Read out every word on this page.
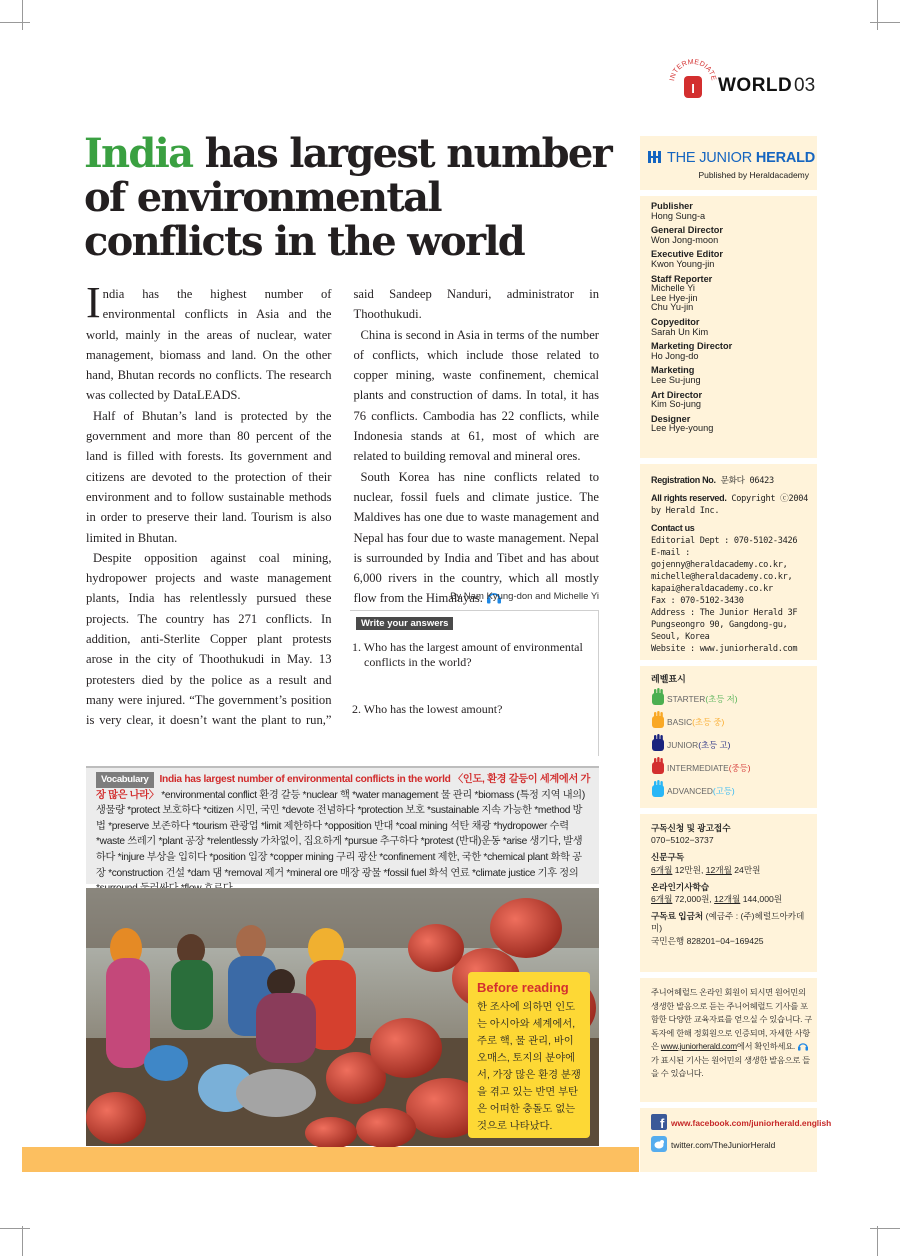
INTERMEDIATE
I WORLD 03
India has largest number of environmental conflicts in the world

India has the highest number of environmental conflicts in Asia and the world, mainly in the areas of nuclear, water management, biomass and land. On the other hand, Bhutan records no conflicts. The research was collected by DataLEADS.

Half of Bhutan’s land is protected by the government and more than 80 percent of the land is filled with forests. Its government and citizens are devoted to the protection of their environment and to follow sustainable methods in order to preserve their land. Tourism is also limited in Bhutan.

Despite opposition against coal mining, hydropower projects and waste management plants, India has relentlessly pursued these projects. The country has 271 conflicts. In addition, anti-Sterlite Copper plant protests arose in the city of Thoothukudi in May. 13 protesters died by the police as a result and many were injured. “The government’s position is very clear, it doesn’t want the plant to run,” said Sandeep Nanduri, administrator in Thoothukudi.

China is second in Asia in terms of the number of conflicts, which include those related to copper mining, waste confinement, chemical plants and construction of dams. In total, it has 76 conflicts. Cambodia has 22 conflicts, while Indonesia stands at 61, most of which are related to building removal and mineral ores.

South Korea has nine conflicts related to nuclear, fossil fuels and climate justice. The Maldives has one due to waste management and Nepal has four due to waste management. Nepal is surrounded by India and Tibet and has about 6,000 rivers in the country, which all mostly flow from the Himalayas.

By Nam Kyung-don and Michelle Yi
Write your answers
1. Who has the largest amount of environmental conflicts in the world?
2. Who has the lowest amount?
Vocabulary India has largest number of environmental conflicts in the world 〈인도, 환경 갈등이 세계에서 가장 많은 나라〉 *environmental conflict 환경 갈등 *nuclear 핵 *water management 물 관리 *biomass (특정 지역 내의) 생물량 *protect 보호하다 *citizen 시민, 국민 *devote 전념하다 *protection 보호 *sustainable 지속 가능한 *method 방법 *preserve 보존하다 *tourism 관광업 *limit 제한하다 *opposition 반대 *coal mining 석탄 채광 *hydropower 수력 *waste 쓰레기 *plant 공장 *relentlessly 가차없이, 집요하게 *pursue 추구하다 *protest (반대)운동 *arise 생기다, 발생하다 *injure 부상을 입히다 *position 입장 *copper mining 구리 광산 *confinement 제한, 국한 *chemical plant 화학 공장 *construction 건설 *dam 댐 *removal 제거 *mineral ore 매장 광물 *fossil fuel 화석 연료 *climate justice 기후 정의
Before reading
한 조사에 의하면 인도는 아시아와 세계에서, 주로 핵, 물 관리, 바이오매스, 토지의 분야에서, 가장 많은 환경 분쟁을 겪고 있는 반면 부탄은 어떠한 충돌도 없는 것으로 나타났다.
THE JUNIOR HERALD
Published by Heraldacademy
Publisher
Hong Sung-a
General Director
Won Jong-moon
Executive Editor
Kwon Young-jin
Staff Reporter
Michelle Yi
Lee Hye-jin
Chu Yu-jin
Copyeditor
Sarah Un Kim
Marketing Director
Ho Jong-do
Marketing
Lee Su-jung
Art Director
Kim So-jung
Designer
Lee Hye-young
Registration No. 문화다 06423
All rights reserved. Copyright ⓒ2004 by Herald Inc.
Contact us
Editorial Dept : 070-5102-3426
E-mail : gojenny@heraldacademy.co.kr, michelle@heraldacademy.co.kr, kapai@heraldacademy.co.kr
Fax : 070-5102-3430
Address : The Junior Herald 3F Pungseongro 90, Gangdong-gu, Seoul, Korea
Website : www.juniorherald.com
레벨표시
STARTER(초등 저)
BASIC(초등 중)
JUNIOR(초등 고)
INTERMEDIATE(중등)
ADVANCED(고등)
구독신청 및 광고접수
070−5102−3737
신문구독
6개월 12만원, 12개월 24만원
온라인기사학습
6개월 72,000원, 12개월 144,000원
구독료 입금처 (예금주 : (주)헤럴드아카데미)
국민은행 828201−04−169425
주니어헤럴드 온라인 회원이 되시면 원어민의 생생한 발음으로 듣는 주니어헤럴드 기사를 포함한 다양한 교육자료를 얻으실 수 있습니다. 구독자에 한해 정회원으로 인증되며, 자세한 사항은 www.juniorherald.com에서 확인하세요. 가 표시된 기사는 원어민의 생생한 발음으로 들을 수 있습니다.
f www.facebook.com/juniorherald.english
twitter.com/TheJuniorHerald
